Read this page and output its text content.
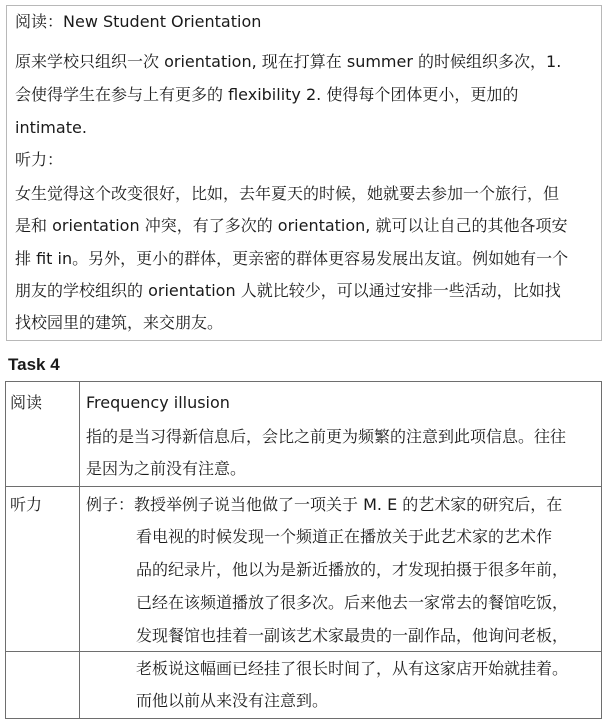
阅读：New Student Orientation
原来学校只组织一次 orientation, 现在打算在 summer 的时候组织多次，1.
会使得学生在参与上有更多的 flexibility 2. 使得每个团体更小，更加的
intimate.
听力：
女生觉得这个改变很好，比如，去年夏天的时候，她就要去参加一个旅行，但
是和 orientation 冲突，有了多次的 orientation, 就可以让自己的其他各项安
排 fit in。另外，更小的群体，更亲密的群体更容易发展出友谊。例如她有一个
朋友的学校组织的 orientation 人就比较少，可以通过安排一些活动，比如找
找校园里的建筑，来交朋友。
Task 4
阅读	Frequency illusion
指的是当习得新信息后，会比之前更为频繁的注意到此项信息。往往
是因为之前没有注意。
听力	例子：教授举例子说当他做了一项关于 M. E 的艺术家的研究后，在
看电视的时候发现一个频道正在播放关于此艺术家的艺术作
品的纪录片，他以为是新近播放的，才发现拍摄于很多年前，
已经在该频道播放了很多次。后来他去一家常去的餐馆吃饭，
发现餐馆也挂着一副该艺术家最贵的一副作品，他询问老板，
老板说这幅画已经挂了很长时间了，从有这家店开始就挂着。
而他以前从来没有注意到。
